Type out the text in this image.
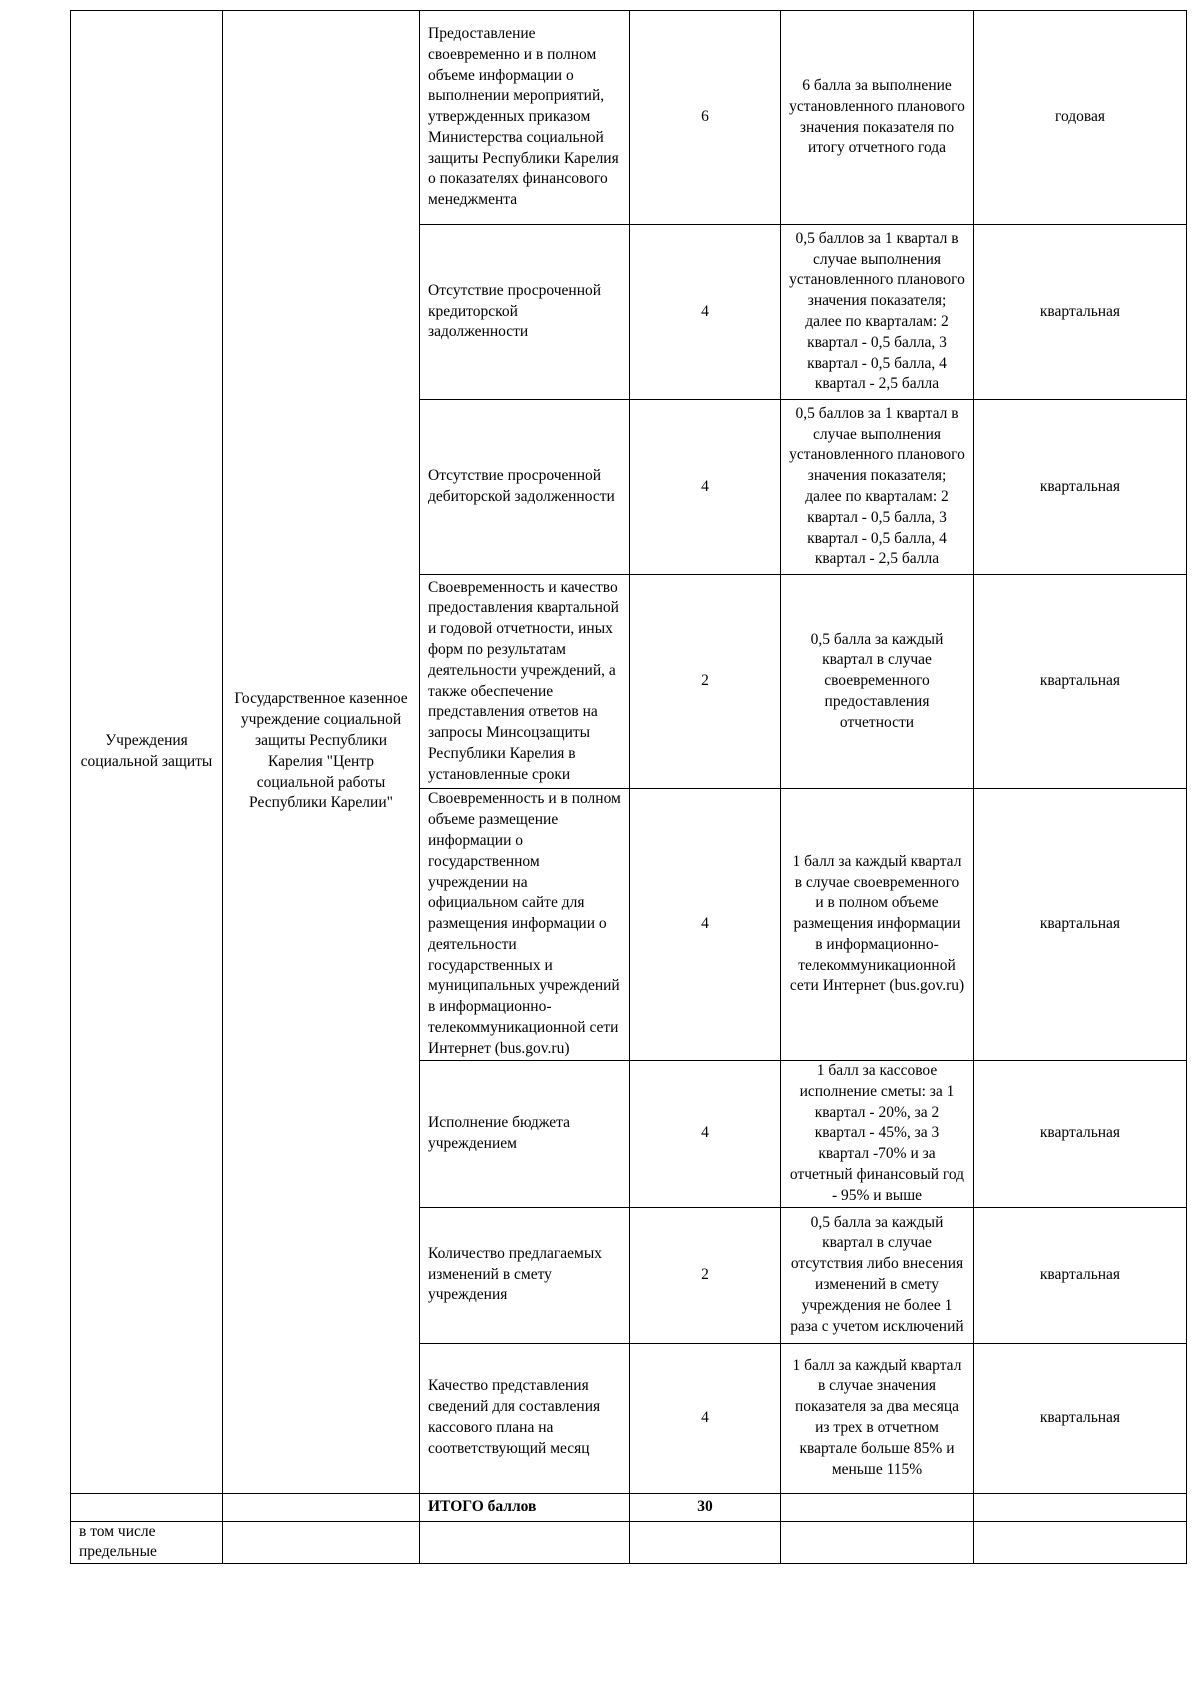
Учреждения социальной защиты	Государственное казенное учреждение социальной защиты Республики Карелия "Центр социальной работы Республики Карелии"	Предоставление своевременно и в полном объеме информации о выполнении мероприятий, утвержденных приказом Министерства социальной защиты Республики Карелия о показателях финансового менеджмента	6	6 балла за выполнение установленного планового значения показателя по итогу отчетного года	годовая
		Отсутствие просроченной кредиторской задолженности	4	0,5 баллов за 1 квартал в случае выполнения установленного планового значения показателя; далее по кварталам: 2 квартал - 0,5 балла, 3 квартал - 0,5 балла, 4 квартал - 2,5 балла	квартальная
		Отсутствие просроченной дебиторской задолженности	4	0,5 баллов за 1 квартал в случае выполнения установленного планового значения показателя; далее по кварталам: 2 квартал - 0,5 балла, 3 квартал - 0,5 балла, 4 квартал - 2,5 балла	квартальная
		Своевременность и качество предоставления квартальной и годовой отчетности, иных форм по результатам деятельности учреждений, а также обеспечение представления ответов на запросы Минсоцзащиты Республики Карелия в установленные сроки	2	0,5 балла за каждый квартал в случае своевременного предоставления отчетности	квартальная
		Своевременность и в полном объеме размещение информации о государственном учреждении на официальном сайте для размещения информации о деятельности государственных и муниципальных учреждений в информационно-телекоммуникационной сети Интернет (bus.gov.ru)	4	1 балл за каждый квартал в случае своевременного и в полном объеме размещения информации в информационно-телекоммуникационной сети Интернет (bus.gov.ru)	квартальная
		Исполнение бюджета учреждением	4	1 балл за кассовое исполнение сметы: за 1 квартал - 20%, за 2 квартал - 45%, за 3 квартал -70% и за отчетный финансовый год - 95% и выше	квартальная
		Количество предлагаемых изменений в смету учреждения	2	0,5 балла за каждый квартал в случае отсутствия либо внесения изменений в смету учреждения не более 1 раза с учетом исключений	квартальная
		Качество представления сведений для составления кассового плана на соответствующий месяц	4	1 балл за каждый квартал в случае значения показателя за два месяца из трех в отчетном квартале больше 85% и меньше 115%	квартальная
		ИТОГО баллов	30		
в том числе предельные					
